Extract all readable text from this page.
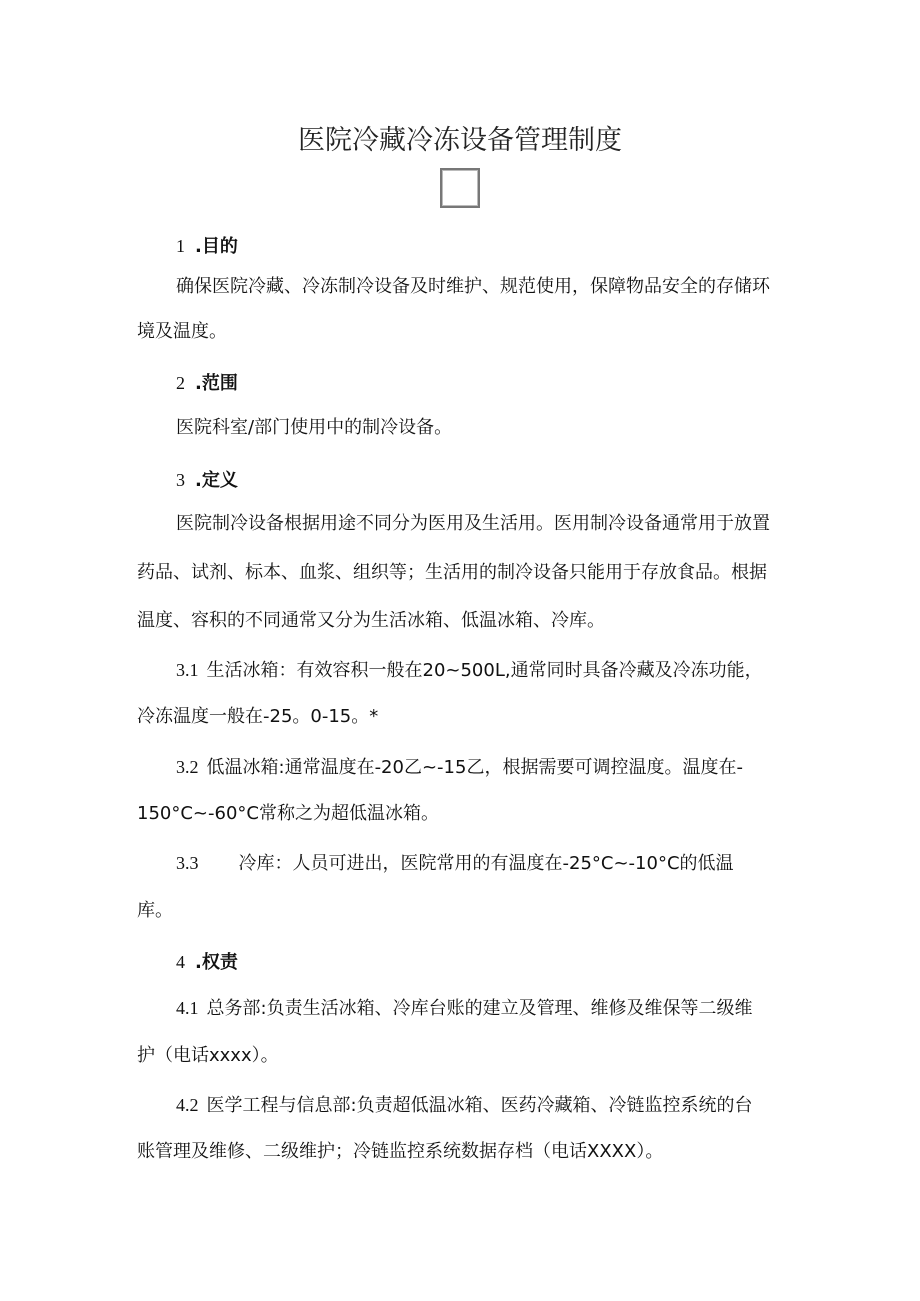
医院冷藏冷冻设备管理制度
1 .目的
确保医院冷藏、冷冻制冷设备及时维护、规范使用，保障物品安全的存储环
境及温度。
2 .范围
医院科室/部门使用中的制冷设备。
3 .定义
医院制冷设备根据用途不同分为医用及生活用。医用制冷设备通常用于放置
药品、试剂、标本、血浆、组织等；生活用的制冷设备只能用于存放食品。根据
温度、容积的不同通常又分为生活冰箱、低温冰箱、冷库。
3.1 生活冰箱：有效容积一般在20~500L,通常同时具备冷藏及冷冻功能，
冷冻温度一般在-25。0-15。*
3.2 低温冰箱:通常温度在-20乙~-15乙，根据需要可调控温度。温度在-
150°C~-60°C常称之为超低温冰箱。
3.3 冷库：人员可进出，医院常用的有温度在-25°C~-10°C的低温
库。
4 .权责
4.1 总务部:负责生活冰箱、冷库台账的建立及管理、维修及维保等二级维
护（电话xxxx）。
4.2 医学工程与信息部:负责超低温冰箱、医药冷藏箱、冷链监控系统的台
账管理及维修、二级维护；冷链监控系统数据存档（电话XXXX）。
